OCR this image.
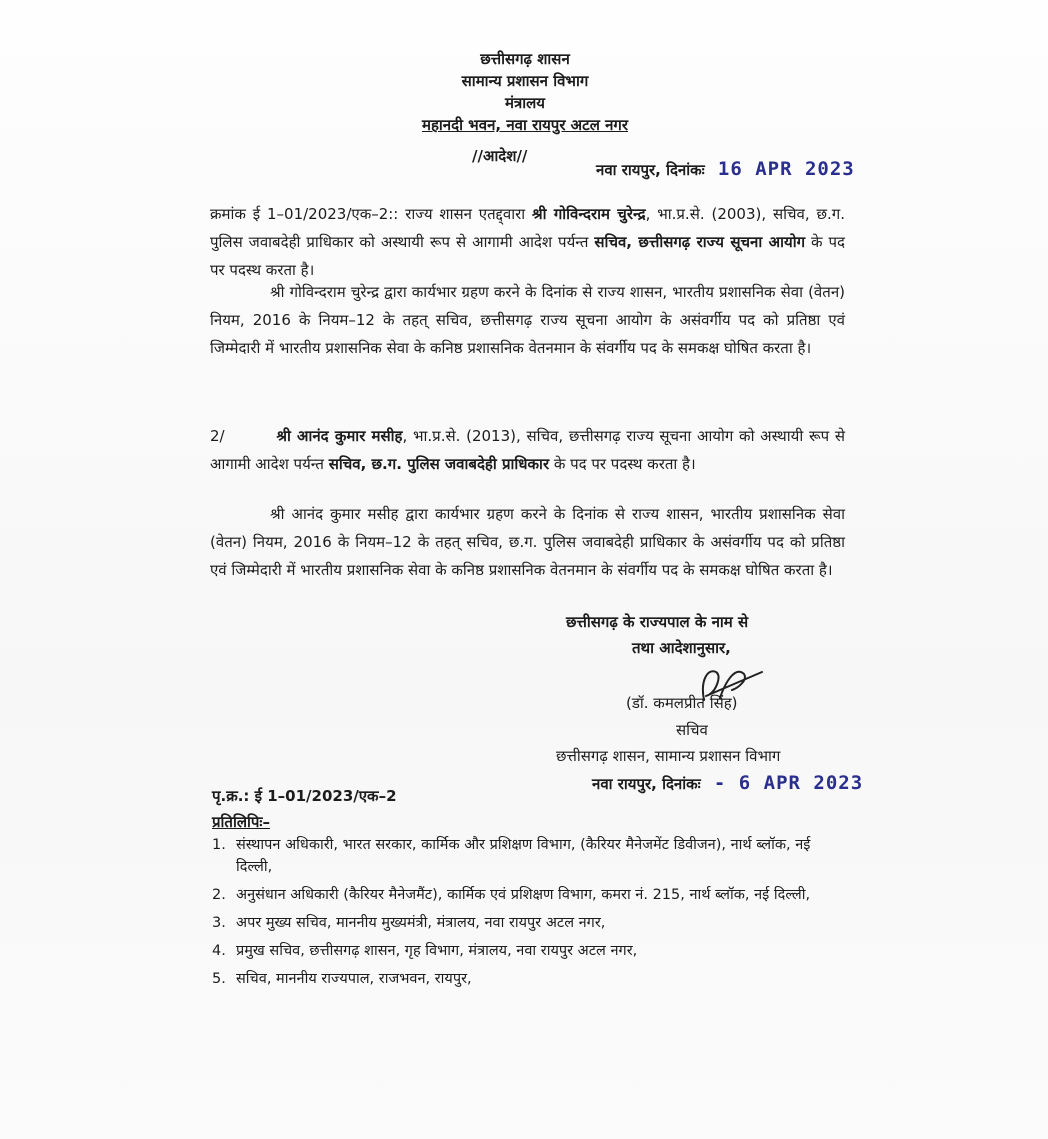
छत्तीसगढ़ शासन
सामान्य प्रशासन विभाग
मंत्रालय
महानदी भवन, नवा रायपुर अटल नगर
//आदेश//
नवा रायपुर, दिनांकः 16 APR 2023
क्रमांक ई 1–01/2023/एक–2:: राज्य शासन एतद्द्वारा श्री गोविन्दराम चुरेन्द्र, भा.प्र.से. (2003), सचिव, छ.ग. पुलिस जवाबदेही प्राधिकार को अस्थायी रूप से आगामी आदेश पर्यन्त सचिव, छत्तीसगढ़ राज्य सूचना आयोग के पद पर पदस्थ करता है।
श्री गोविन्दराम चुरेन्द्र द्वारा कार्यभार ग्रहण करने के दिनांक से राज्य शासन, भारतीय प्रशासनिक सेवा (वेतन) नियम, 2016 के नियम–12 के तहत् सचिव, छत्तीसगढ़ राज्य सूचना आयोग के असंवर्गीय पद को प्रतिष्ठा एवं जिम्मेदारी में भारतीय प्रशासनिक सेवा के कनिष्ठ प्रशासनिक वेतनमान के संवर्गीय पद के समकक्ष घोषित करता है।
2/	श्री आनंद कुमार मसीह, भा.प्र.से. (2013), सचिव, छत्तीसगढ़ राज्य सूचना आयोग को अस्थायी रूप से आगामी आदेश पर्यन्त सचिव, छ.ग. पुलिस जवाबदेही प्राधिकार के पद पर पदस्थ करता है।
श्री आनंद कुमार मसीह द्वारा कार्यभार ग्रहण करने के दिनांक से राज्य शासन, भारतीय प्रशासनिक सेवा (वेतन) नियम, 2016 के नियम–12 के तहत् सचिव, छ.ग. पुलिस जवाबदेही प्राधिकार के असंवर्गीय पद को प्रतिष्ठा एवं जिम्मेदारी में भारतीय प्रशासनिक सेवा के कनिष्ठ प्रशासनिक वेतनमान के संवर्गीय पद के समकक्ष घोषित करता है।
छत्तीसगढ़ के राज्यपाल के नाम से
तथा आदेशानुसार,
(डॉ. कमलप्रीत सिंह)
सचिव
छत्तीसगढ़ शासन, सामान्य प्रशासन विभाग
नवा रायपुर, दिनांकः - 6 APR 2023
पृ.क्र.: ई 1–01/2023/एक–2
प्रतिलिपिः–
1. संस्थापन अधिकारी, भारत सरकार, कार्मिक और प्रशिक्षण विभाग, (कैरियर मैनेजमेंट डिवीजन), नार्थ ब्लॉक, नई दिल्ली,
2. अनुसंधान अधिकारी (कैरियर मैनेजमैंट), कार्मिक एवं प्रशिक्षण विभाग, कमरा नं. 215, नार्थ ब्लॉक, नई दिल्ली,
3. अपर मुख्य सचिव, माननीय मुख्यमंत्री, मंत्रालय, नवा रायपुर अटल नगर,
4. प्रमुख सचिव, छत्तीसगढ़ शासन, गृह विभाग, मंत्रालय, नवा रायपुर अटल नगर,
5. सचिव, माननीय राज्यपाल, राजभवन, रायपुर,
